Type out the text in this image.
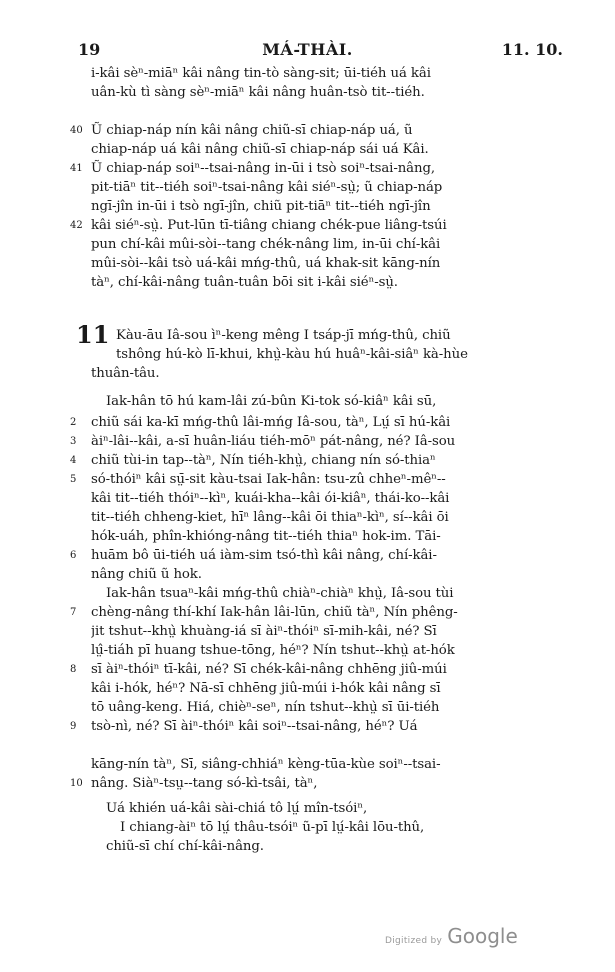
19	MÁ-THÀI.	11. 10.
40
41
42
2
3
4
5
6
7
8
9
10
i-kâi sèⁿ-miāⁿ kâi nâng tin-tò sàng-sit; ūi-tiéh uá kâi
uân-kù tì sàng sèⁿ-miāⁿ kâi nâng huân-tsò tit--tiéh.
Ũ chiap-náp nín kâi nâng chiũ-sī chiap-náp uá, ũ
chiap-náp uá kâi nâng chiũ-sī chiap-náp sái uá Kâi.
Ũ chiap-náp soiⁿ--tsai-nâng in-ūi i tsò soiⁿ-tsai-nâng,
pit-tiāⁿ tit--tiéh soiⁿ-tsai-nâng kâi siéⁿ-sṳ̀; ũ chiap-náp
ngī-jîn in-ūi i tsò ngī-jîn, chiũ pit-tiāⁿ tit--tiéh ngī-jîn
kâi siéⁿ-sṳ̀. Put-lūn tī-tiâng chiang chék-pue liâng-tsúi
pun chí-kâi mûi-sòi--tang chék-nâng lim, in-ūi chí-kâi
mûi-sòi--kâi tsò uá-kâi mńg-thû, uá khak-sit kāng-nín
tàⁿ, chí-kâi-nâng tuân-tuân bōi sit i-kâi siéⁿ-sṳ̀.
11 Kàu-āu Iâ-sou ìⁿ-keng mêng I tsáp-jī mńg-thû, chiũ
tshông hú-kò lī-khui, khṳ̀-kàu hú huâⁿ-kâi-siâⁿ kà-hùe
thuân-tâu.
Iak-hân tō hú kam-lâi zú-bûn Ki-tok só-kiâⁿ kâi sū,
chiũ sái ka-kī mńg-thû lâi-mńg Iâ-sou, tàⁿ, Lṳ́ sī hú-kâi
àiⁿ-lâi--kâi, a-sī huân-liáu tiéh-mōⁿ pát-nâng, né? Iâ-sou
chiũ tùi-in tap--tàⁿ, Nín tiéh-khṳ̀, chiang nín só-thiaⁿ
só-thóiⁿ kâi sṳ̄-sit kàu-tsai Iak-hân: tsu-zû chheⁿ-mêⁿ--
kâi tit--tiéh thóiⁿ--kìⁿ, kuái-kha--kâi ói-kiâⁿ, thái-ko--kâi
tit--tiéh chheng-kiet, hīⁿ lâng--kâi ōi thiaⁿ-kìⁿ, sí--kâi ōi
hók-uáh, phîn-khióng-nâng tit--tiéh thiaⁿ hok-im. Tāi-
huām bô ūi-tiéh uá iàm-sim tsó-thì kâi nâng, chí-kâi-
nâng chiũ ũ hok.
Iak-hân tsuaⁿ-kâi mńg-thû chiàⁿ-chiàⁿ khṳ̀, Iâ-sou tùi
chèng-nâng thí-khí Iak-hân lâi-lūn, chiũ tàⁿ, Nín phêng-
jit tshut--khṳ̀ khuàng-iá sī àiⁿ-thóiⁿ sī-mih-kâi, né? Sī
lṳ̂-tiáh pī huang tshue-tōng, héⁿ? Nín tshut--khṳ̀ at-hók
sī àiⁿ-thóiⁿ tī-kâi, né? Sī chék-kâi-nâng chhēng jiû-múi
kâi i-hók, héⁿ? Nā-sī chhēng jiû-múi i-hók kâi nâng sī
tō uâng-keng. Hiá, chièⁿ-seⁿ, nín tshut--khṳ̀ sī ūi-tiéh
tsò-nì, né? Sī àiⁿ-thóiⁿ kâi soiⁿ--tsai-nâng, héⁿ? Uá
kāng-nín tàⁿ, Sī, siâng-chhiáⁿ kèng-tūa-kùe soiⁿ--tsai-
nâng. Siàⁿ-tsṳ--tang só-kì-tsâi, tàⁿ,
Uá khién uá-kâi sài-chiá tô lṳ́ mîn-tsóiⁿ,
I chiang-àiⁿ tō lṳ́ thâu-tsóiⁿ ũ-pī lṳ́-kâi lōu-thû,
chiũ-sī chí chí-kâi-nâng.
Digitized by Google
